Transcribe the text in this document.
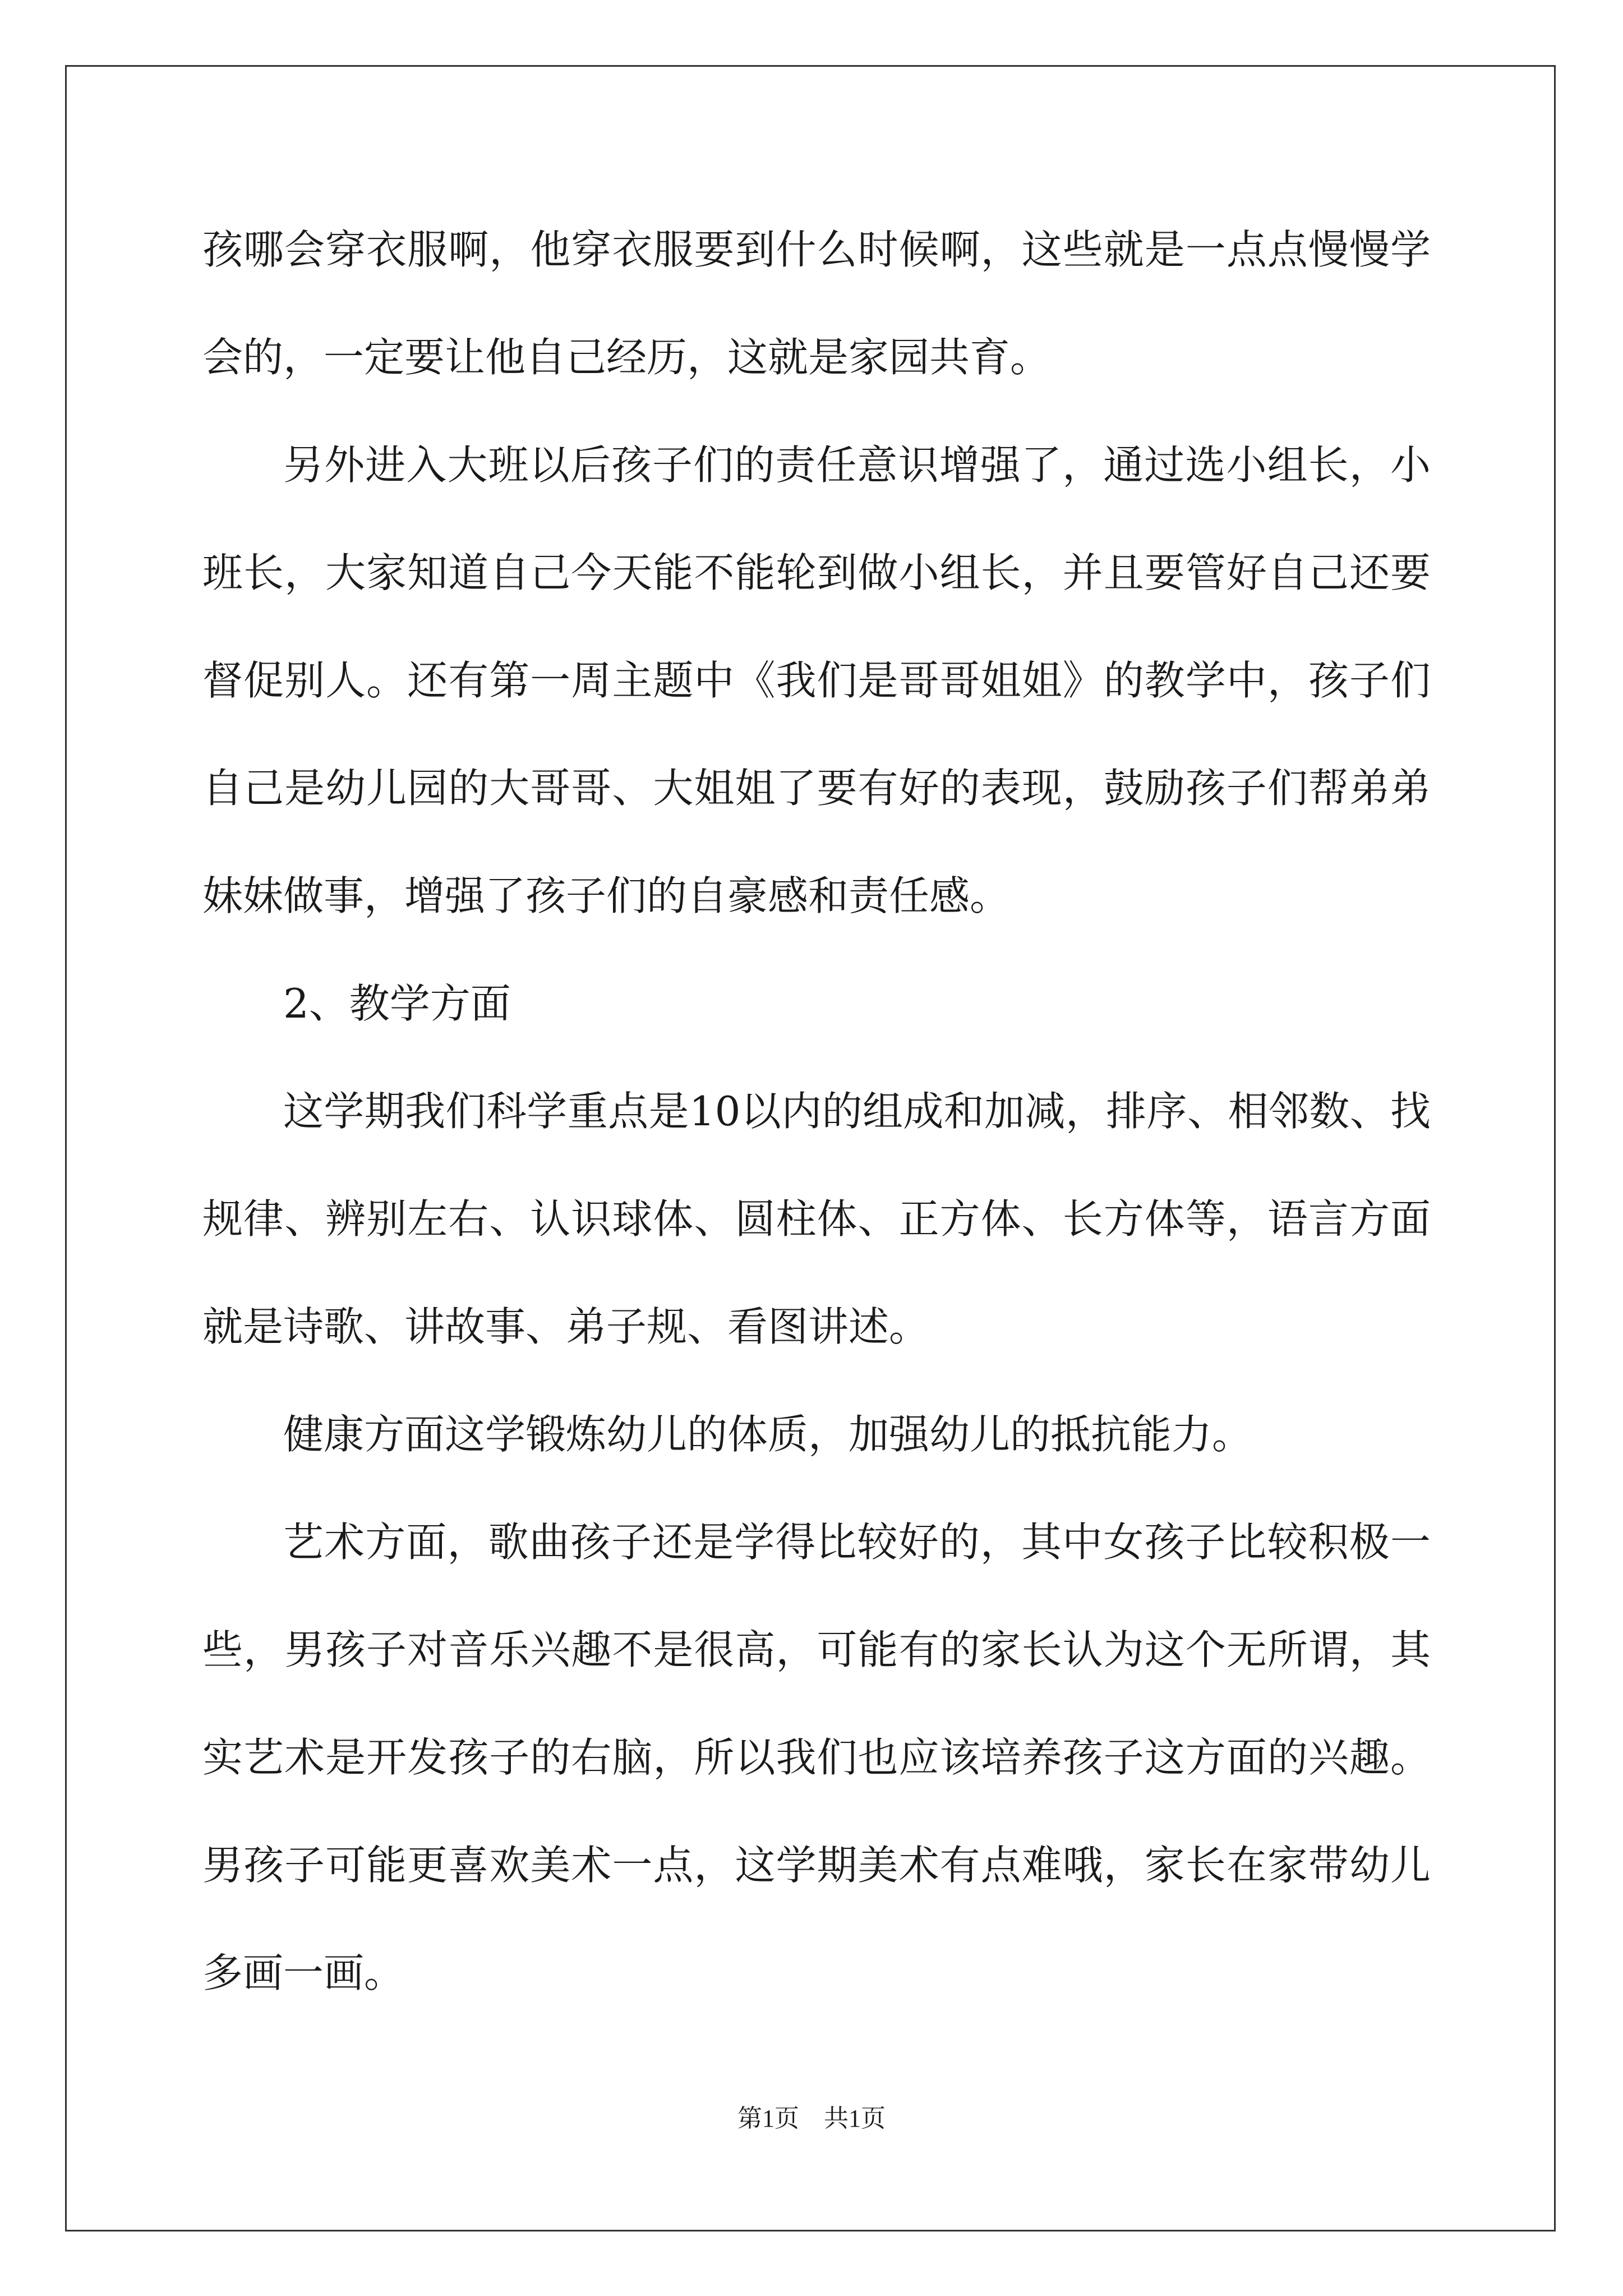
孩哪会穿衣服啊，他穿衣服要到什么时候啊，这些就是一点点慢慢学会的，一定要让他自己经历，这就是家园共育。

另外进入大班以后孩子们的责任意识增强了，通过选小组长，小班长，大家知道自己今天能不能轮到做小组长，并且要管好自己还要督促别人。还有第一周主题中《我们是哥哥姐姐》的教学中，孩子们自己是幼儿园的大哥哥、大姐姐了要有好的表现，鼓励孩子们帮弟弟妹妹做事，增强了孩子们的自豪感和责任感。

2、教学方面

这学期我们科学重点是10以内的组成和加减，排序、相邻数、找规律、辨别左右、认识球体、圆柱体、正方体、长方体等，语言方面就是诗歌、讲故事、弟子规、看图讲述。

健康方面这学锻炼幼儿的体质，加强幼儿的抵抗能力。

艺术方面，歌曲孩子还是学得比较好的，其中女孩子比较积极一些，男孩子对音乐兴趣不是很高，可能有的家长认为这个无所谓，其实艺术是开发孩子的右脑，所以我们也应该培养孩子这方面的兴趣。男孩子可能更喜欢美术一点，这学期美术有点难哦，家长在家带幼儿多画一画。

第1页　共1页
